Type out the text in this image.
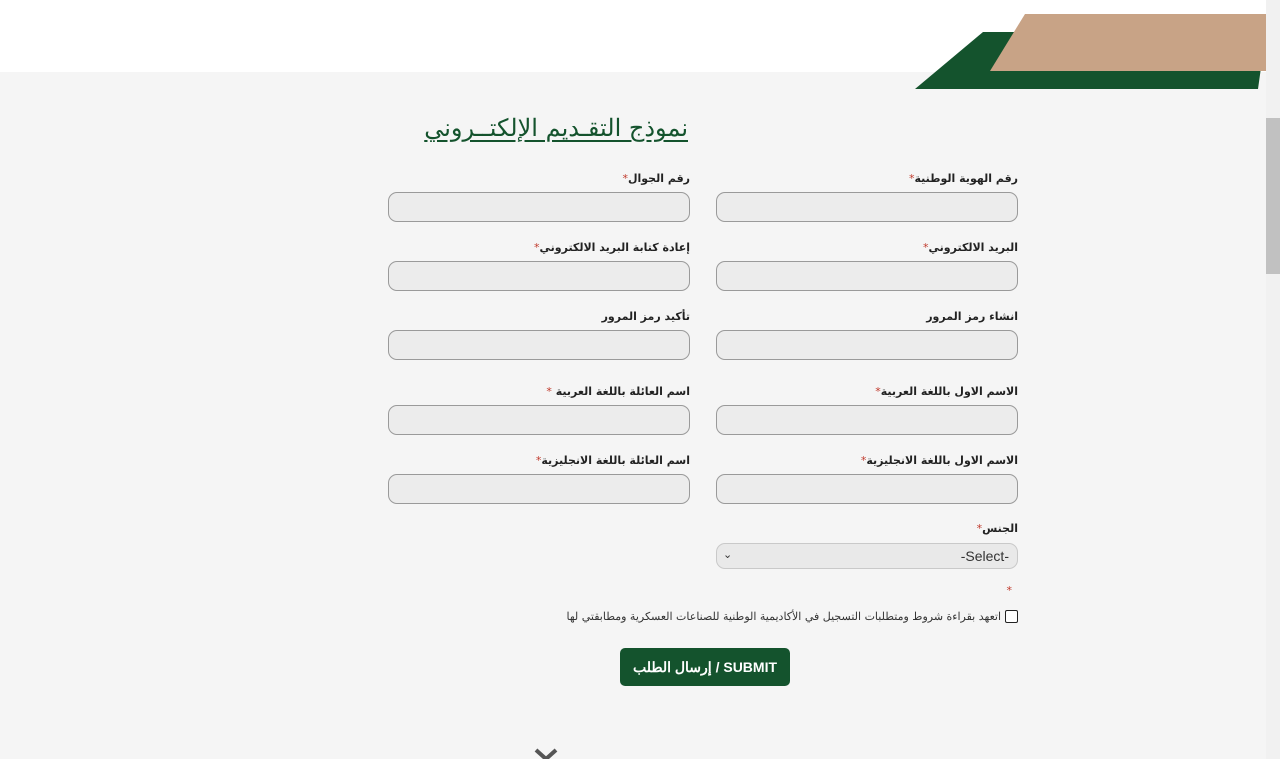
نموذج التقـديم الإلكتــروني
رقم الهوية الوطنية*
رقم الجوال*
البريد الالكتروني*
إعادة كتابة البريد الالكتروني*
انشاء رمز المرور
تأكيد رمز المرور
الاسم الاول باللغة العربية*
اسم العائلة باللغة العربية *
الاسم الاول باللغة الانجليزية*
اسم العائلة باللغة الانجليزية*
الجنس*
-Select-
⌄
*
اتعهد بقراءة شروط ومتطلبات التسجيل في الأكاديمية الوطنية للصناعات العسكرية ومطابقتي لها
إرسال الطلب / SUBMIT
